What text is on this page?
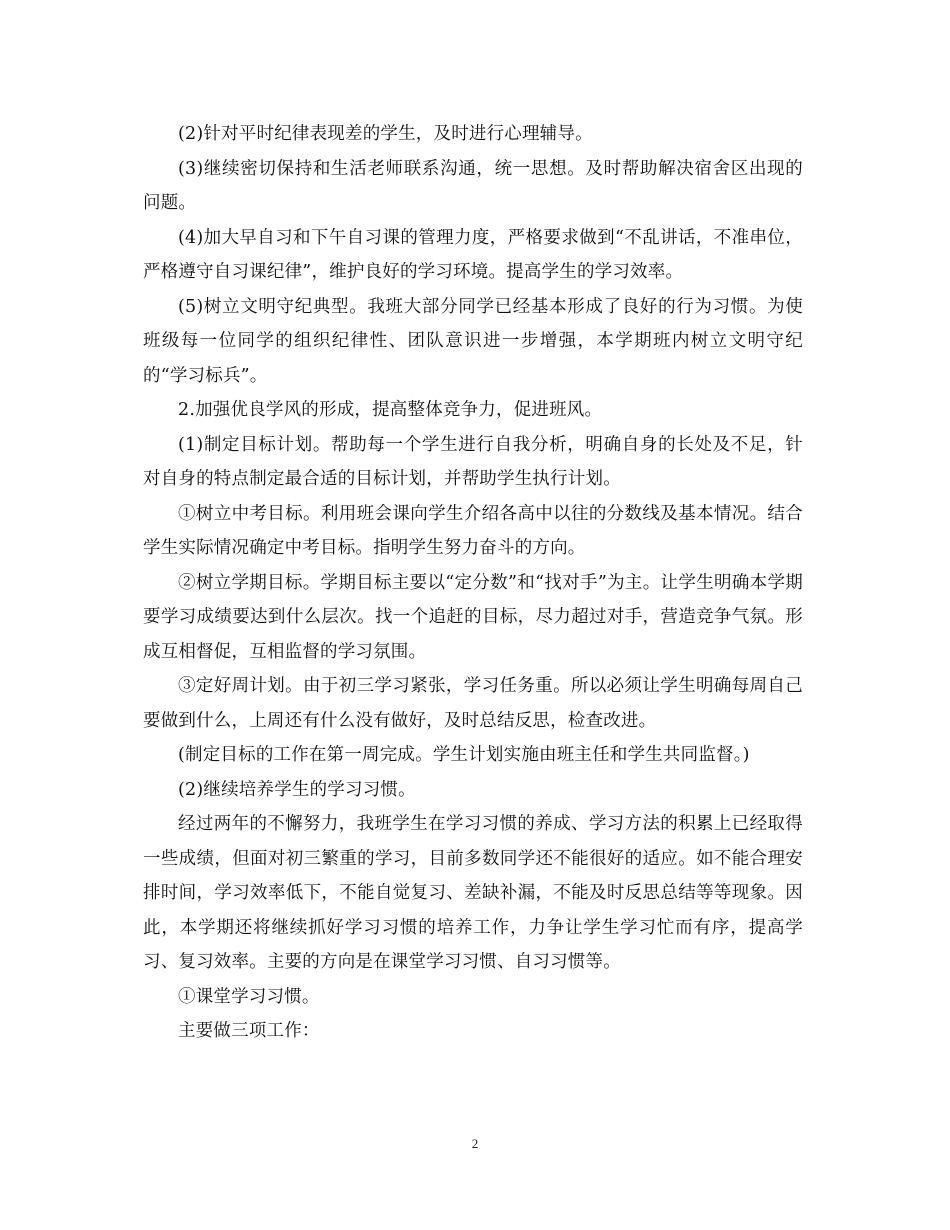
(2)针对平时纪律表现差的学生，及时进行心理辅导。

(3)继续密切保持和生活老师联系沟通，统一思想。及时帮助解决宿舍区出现的问题。

(4)加大早自习和下午自习课的管理力度，严格要求做到“不乱讲话，不准串位，严格遵守自习课纪律”，维护良好的学习环境。提高学生的学习效率。

(5)树立文明守纪典型。我班大部分同学已经基本形成了良好的行为习惯。为使班级每一位同学的组织纪律性、团队意识进一步增强，本学期班内树立文明守纪的“学习标兵”。

2.加强优良学风的形成，提高整体竞争力，促进班风。

(1)制定目标计划。帮助每一个学生进行自我分析，明确自身的长处及不足，针对自身的特点制定最合适的目标计划，并帮助学生执行计划。

①树立中考目标。利用班会课向学生介绍各高中以往的分数线及基本情况。结合学生实际情况确定中考目标。指明学生努力奋斗的方向。

②树立学期目标。学期目标主要以“定分数”和“找对手”为主。让学生明确本学期要学习成绩要达到什么层次。找一个追赶的目标，尽力超过对手，营造竞争气氛。形成互相督促，互相监督的学习氛围。

③定好周计划。由于初三学习紧张，学习任务重。所以必须让学生明确每周自己要做到什么，上周还有什么没有做好，及时总结反思，检查改进。

(制定目标的工作在第一周完成。学生计划实施由班主任和学生共同监督。)

(2)继续培养学生的学习习惯。

经过两年的不懈努力，我班学生在学习习惯的养成、学习方法的积累上已经取得一些成绩，但面对初三繁重的学习，目前多数同学还不能很好的适应。如不能合理安排时间，学习效率低下，不能自觉复习、差缺补漏，不能及时反思总结等等现象。因此，本学期还将继续抓好学习习惯的培养工作，力争让学生学习忙而有序，提高学习、复习效率。主要的方向是在课堂学习习惯、自习习惯等。

①课堂学习习惯。

主要做三项工作：

2
